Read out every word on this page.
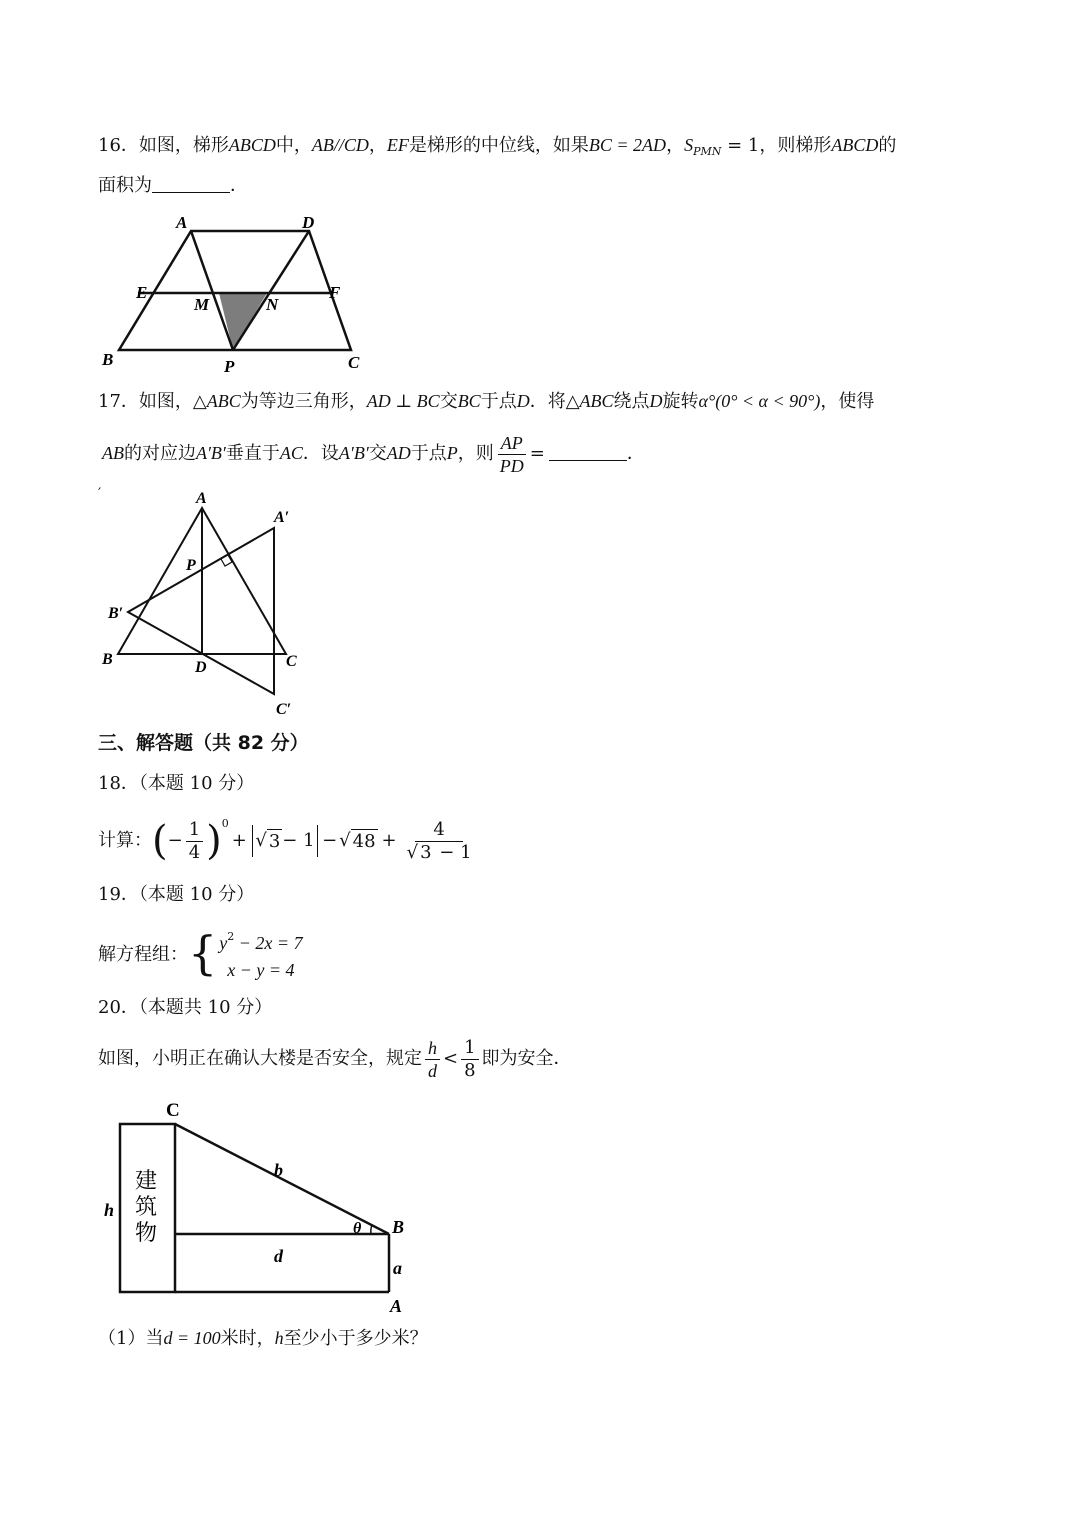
16．如图，梯形ABCD中，AB//CD，EF是梯形的中位线，如果BC = 2AD，$S_{PMN} = 1$，则梯形ABCD的
面积为	．
A	D
E
M	N
F
B	P	C
17．如图，△ABC为等边三角形，AD ⊥ BC交BC于点D．将△ABC绕点D旋转α°(0° < α < 90°)，使得
AB的对应边A′B′垂直于AC．设A′B′交AD于点P，则 $\frac{AP}{PD}$ =	．
′	A
A′
P
B′
B	D	C
C′
三、解答题（共 82 分）
18．（本题 10 分）
计算： ( − $\frac{1}{4}$ ) 0
+ √ 3 − 1 − √ $48 + \frac{4}{√ 3 - 1}$
19．（本题 10 分）
解方程组： { $y^2 - 2x = 7$
x − y = 4
20．（本题共 10 分）
如图，小明正在确认大楼是否安全，规定 $\frac{h}{d} < \frac{1}{8}$ 即为安全．
C
建
筑
物
h
b
θ B
d
a
A
（1）当d = 100米时，h至少小于多少米？
